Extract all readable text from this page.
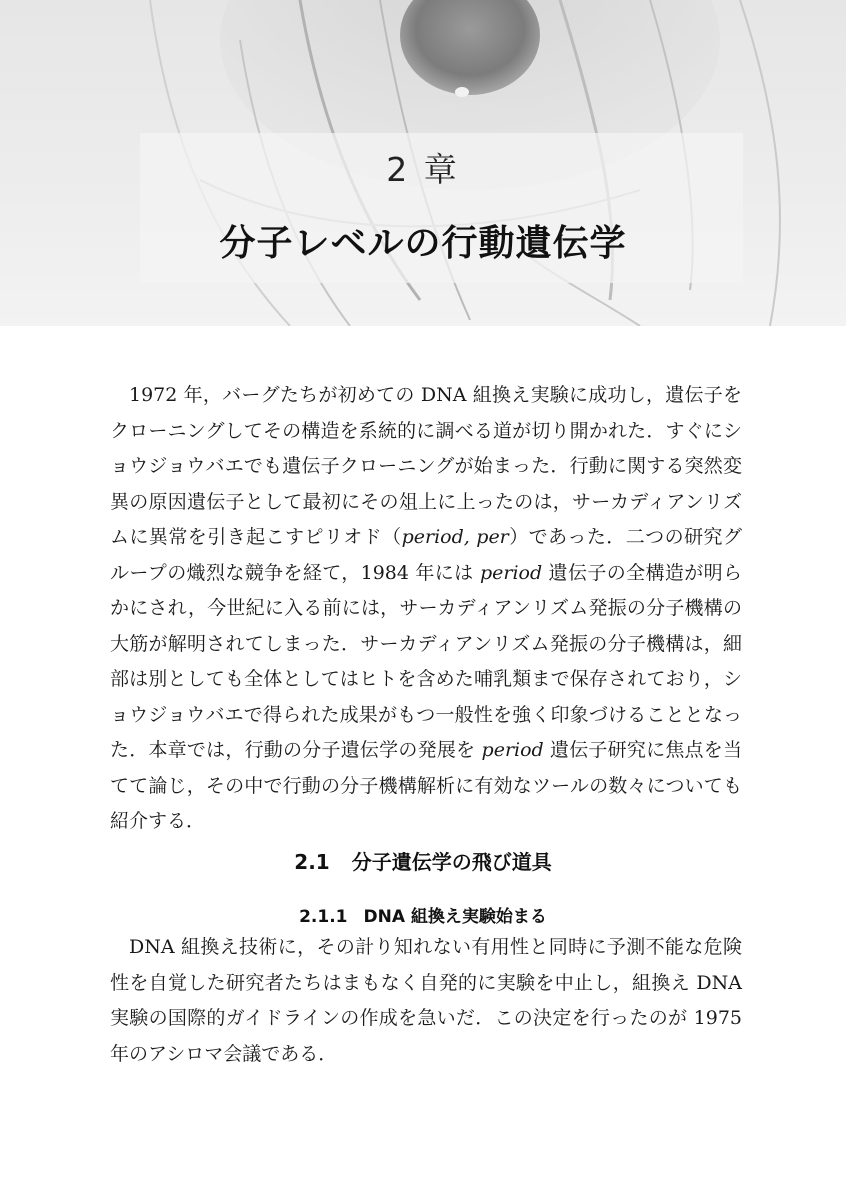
2 章
分子レベルの行動遺伝学
1972 年，バーグたちが初めての DNA 組換え実験に成功し，遺伝子をクローニングしてその構造を系統的に調べる道が切り開かれた．すぐにショウジョウバエでも遺伝子クローニングが始まった．行動に関する突然変異の原因遺伝子として最初にその俎上に上ったのは，サーカディアンリズムに異常を引き起こすピリオド（period, per）であった．二つの研究グループの熾烈な競争を経て，1984 年には period 遺伝子の全構造が明らかにされ，今世紀に入る前には，サーカディアンリズム発振の分子機構の大筋が解明されてしまった．サーカディアンリズム発振の分子機構は，細部は別としても全体としてはヒトを含めた哺乳類まで保存されており，ショウジョウバエで得られた成果がもつ一般性を強く印象づけることとなった．本章では，行動の分子遺伝学の発展を period 遺伝子研究に焦点を当てて論じ，その中で行動の分子機構解析に有効なツールの数々についても紹介する．
2.1 分子遺伝学の飛び道具
2.1.1 DNA 組換え実験始まる
DNA 組換え技術に，その計り知れない有用性と同時に予測不能な危険性を自覚した研究者たちはまもなく自発的に実験を中止し，組換え DNA 実験の国際的ガイドラインの作成を急いだ．この決定を行ったのが 1975 年のアシロマ会議である．
